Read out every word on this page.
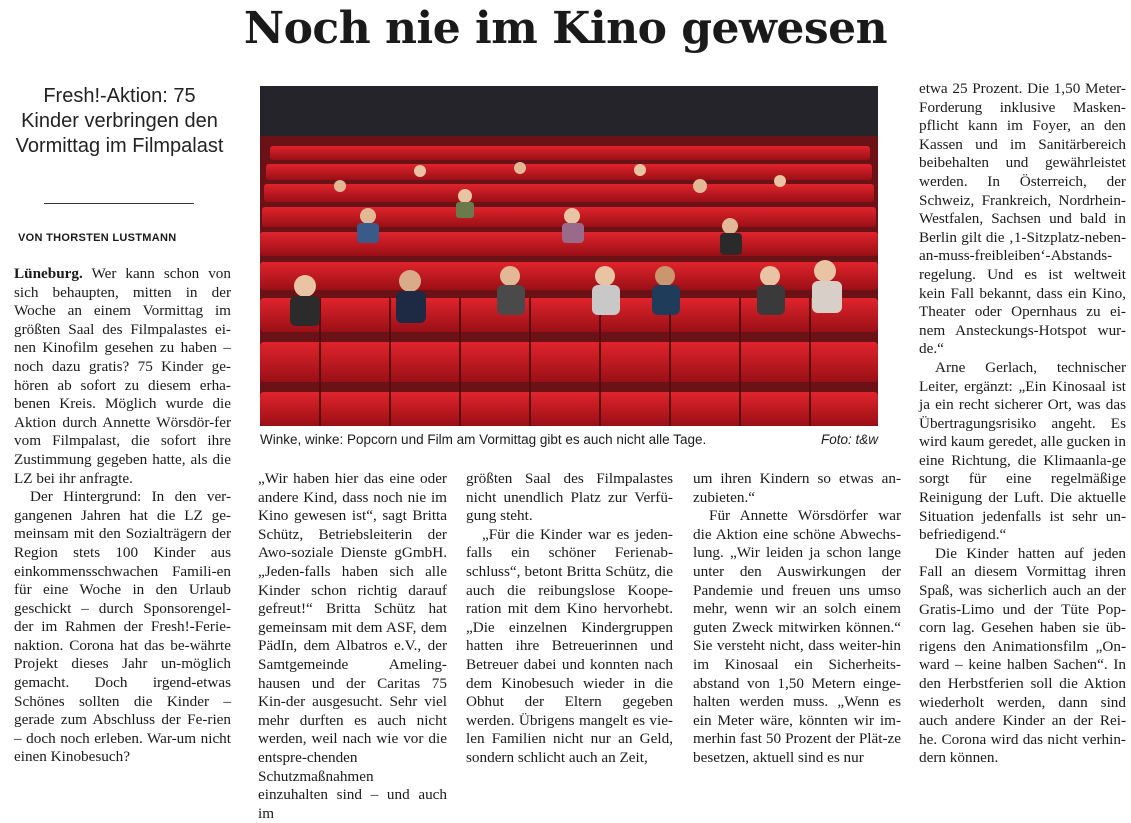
Noch nie im Kino gewesen
Fresh!-Aktion: 75 Kinder verbringen den Vormittag im Filmpalast
VON THORSTEN LUSTMANN

Lüneburg. Wer kann schon von sich behaupten, mitten in der Woche an einem Vormittag im größten Saal des Filmpalastes ei-nen Kinofilm gesehen zu haben – noch dazu gratis? 75 Kinder ge-hören ab sofort zu diesem erha-benen Kreis. Möglich wurde die Aktion durch Annette Wörsdör-fer vom Filmpalast, die sofort ihre Zustimmung gegeben hatte, als die LZ bei ihr anfragte.

Der Hintergrund: In den ver-gangenen Jahren hat die LZ ge-meinsam mit den Sozialträgern der Region stets 100 Kinder aus einkommensschwachen Famili-en für eine Woche in den Urlaub geschickt – durch Sponsorengel-der im Rahmen der Fresh!-Ferie-naktion. Corona hat das be-währte Projekt dieses Jahr un-möglich gemacht. Doch irgend-etwas Schönes sollten die Kinder – gerade zum Abschluss der Fe-rien – doch noch erleben. War-um nicht einen Kinobesuch?

Winke, winke: Popcorn und Film am Vormittag gibt es auch nicht alle Tage.	Foto: t&w

„Wir haben hier das eine oder andere Kind, dass noch nie im Kino gewesen ist“, sagt Britta Schütz, Betriebsleiterin der Awo-soziale Dienste gGmbH. „Jeden-falls haben sich alle Kinder schon richtig darauf gefreut!“ Britta Schütz hat gemeinsam mit dem ASF, dem PädIn, dem Albatros e.V., der Samtgemeinde Ameling-hausen und der Caritas 75 Kin-der ausgesucht. Sehr viel mehr durften es auch nicht werden, weil nach wie vor die entspre-chenden Schutzmaßnahmen einzuhalten sind – und auch im

größten Saal des Filmpalastes nicht unendlich Platz zur Verfü-gung steht.

„Für die Kinder war es jeden-falls ein schöner Ferienab-schluss“, betont Britta Schütz, die auch die reibungslose Koope-ration mit dem Kino hervorhebt. „Die einzelnen Kindergruppen hatten ihre Betreuerinnen und Betreuer dabei und konnten nach dem Kinobesuch wieder in die Obhut der Eltern gegeben werden. Übrigens mangelt es vie-len Familien nicht nur an Geld, sondern schlicht auch an Zeit,

um ihren Kindern so etwas an-zubieten.“

Für Annette Wörsdörfer war die Aktion eine schöne Abwechs-lung. „Wir leiden ja schon lange unter den Auswirkungen der Pandemie und freuen uns umso mehr, wenn wir an solch einem guten Zweck mitwirken können.“ Sie versteht nicht, dass weiter-hin im Kinosaal ein Sicherheits-abstand von 1,50 Metern einge-halten werden muss. „Wenn es ein Meter wäre, könnten wir im-merhin fast 50 Prozent der Plät-ze besetzen, aktuell sind es nur

etwa 25 Prozent. Die 1,50 Meter-Forderung inklusive Masken-pflicht kann im Foyer, an den Kassen und im Sanitärbereich beibehalten und gewährleistet werden. In Österreich, der Schweiz, Frankreich, Nordrhein-Westfalen, Sachsen und bald in Berlin gilt die ‚1-Sitzplatz-neben-an-muss-freibleiben‘-Abstands-regelung. Und es ist weltweit kein Fall bekannt, dass ein Kino, Theater oder Opernhaus zu ei-nem Ansteckungs-Hotspot wur-de.“

Arne Gerlach, technischer Leiter, ergänzt: „Ein Kinosaal ist ja ein recht sicherer Ort, was das Übertragungsrisiko angeht. Es wird kaum geredet, alle gucken in eine Richtung, die Klimaanla-ge sorgt für eine regelmäßige Reinigung der Luft. Die aktuelle Situation jedenfalls ist sehr un-befriedigend.“

Die Kinder hatten auf jeden Fall an diesem Vormittag ihren Spaß, was sicherlich auch an der Gratis-Limo und der Tüte Pop-corn lag. Gesehen haben sie üb-rigens den Animationsfilm „On-ward – keine halben Sachen“. In den Herbstferien soll die Aktion wiederholt werden, dann sind auch andere Kinder an der Rei-he. Corona wird das nicht verhin-dern können.
